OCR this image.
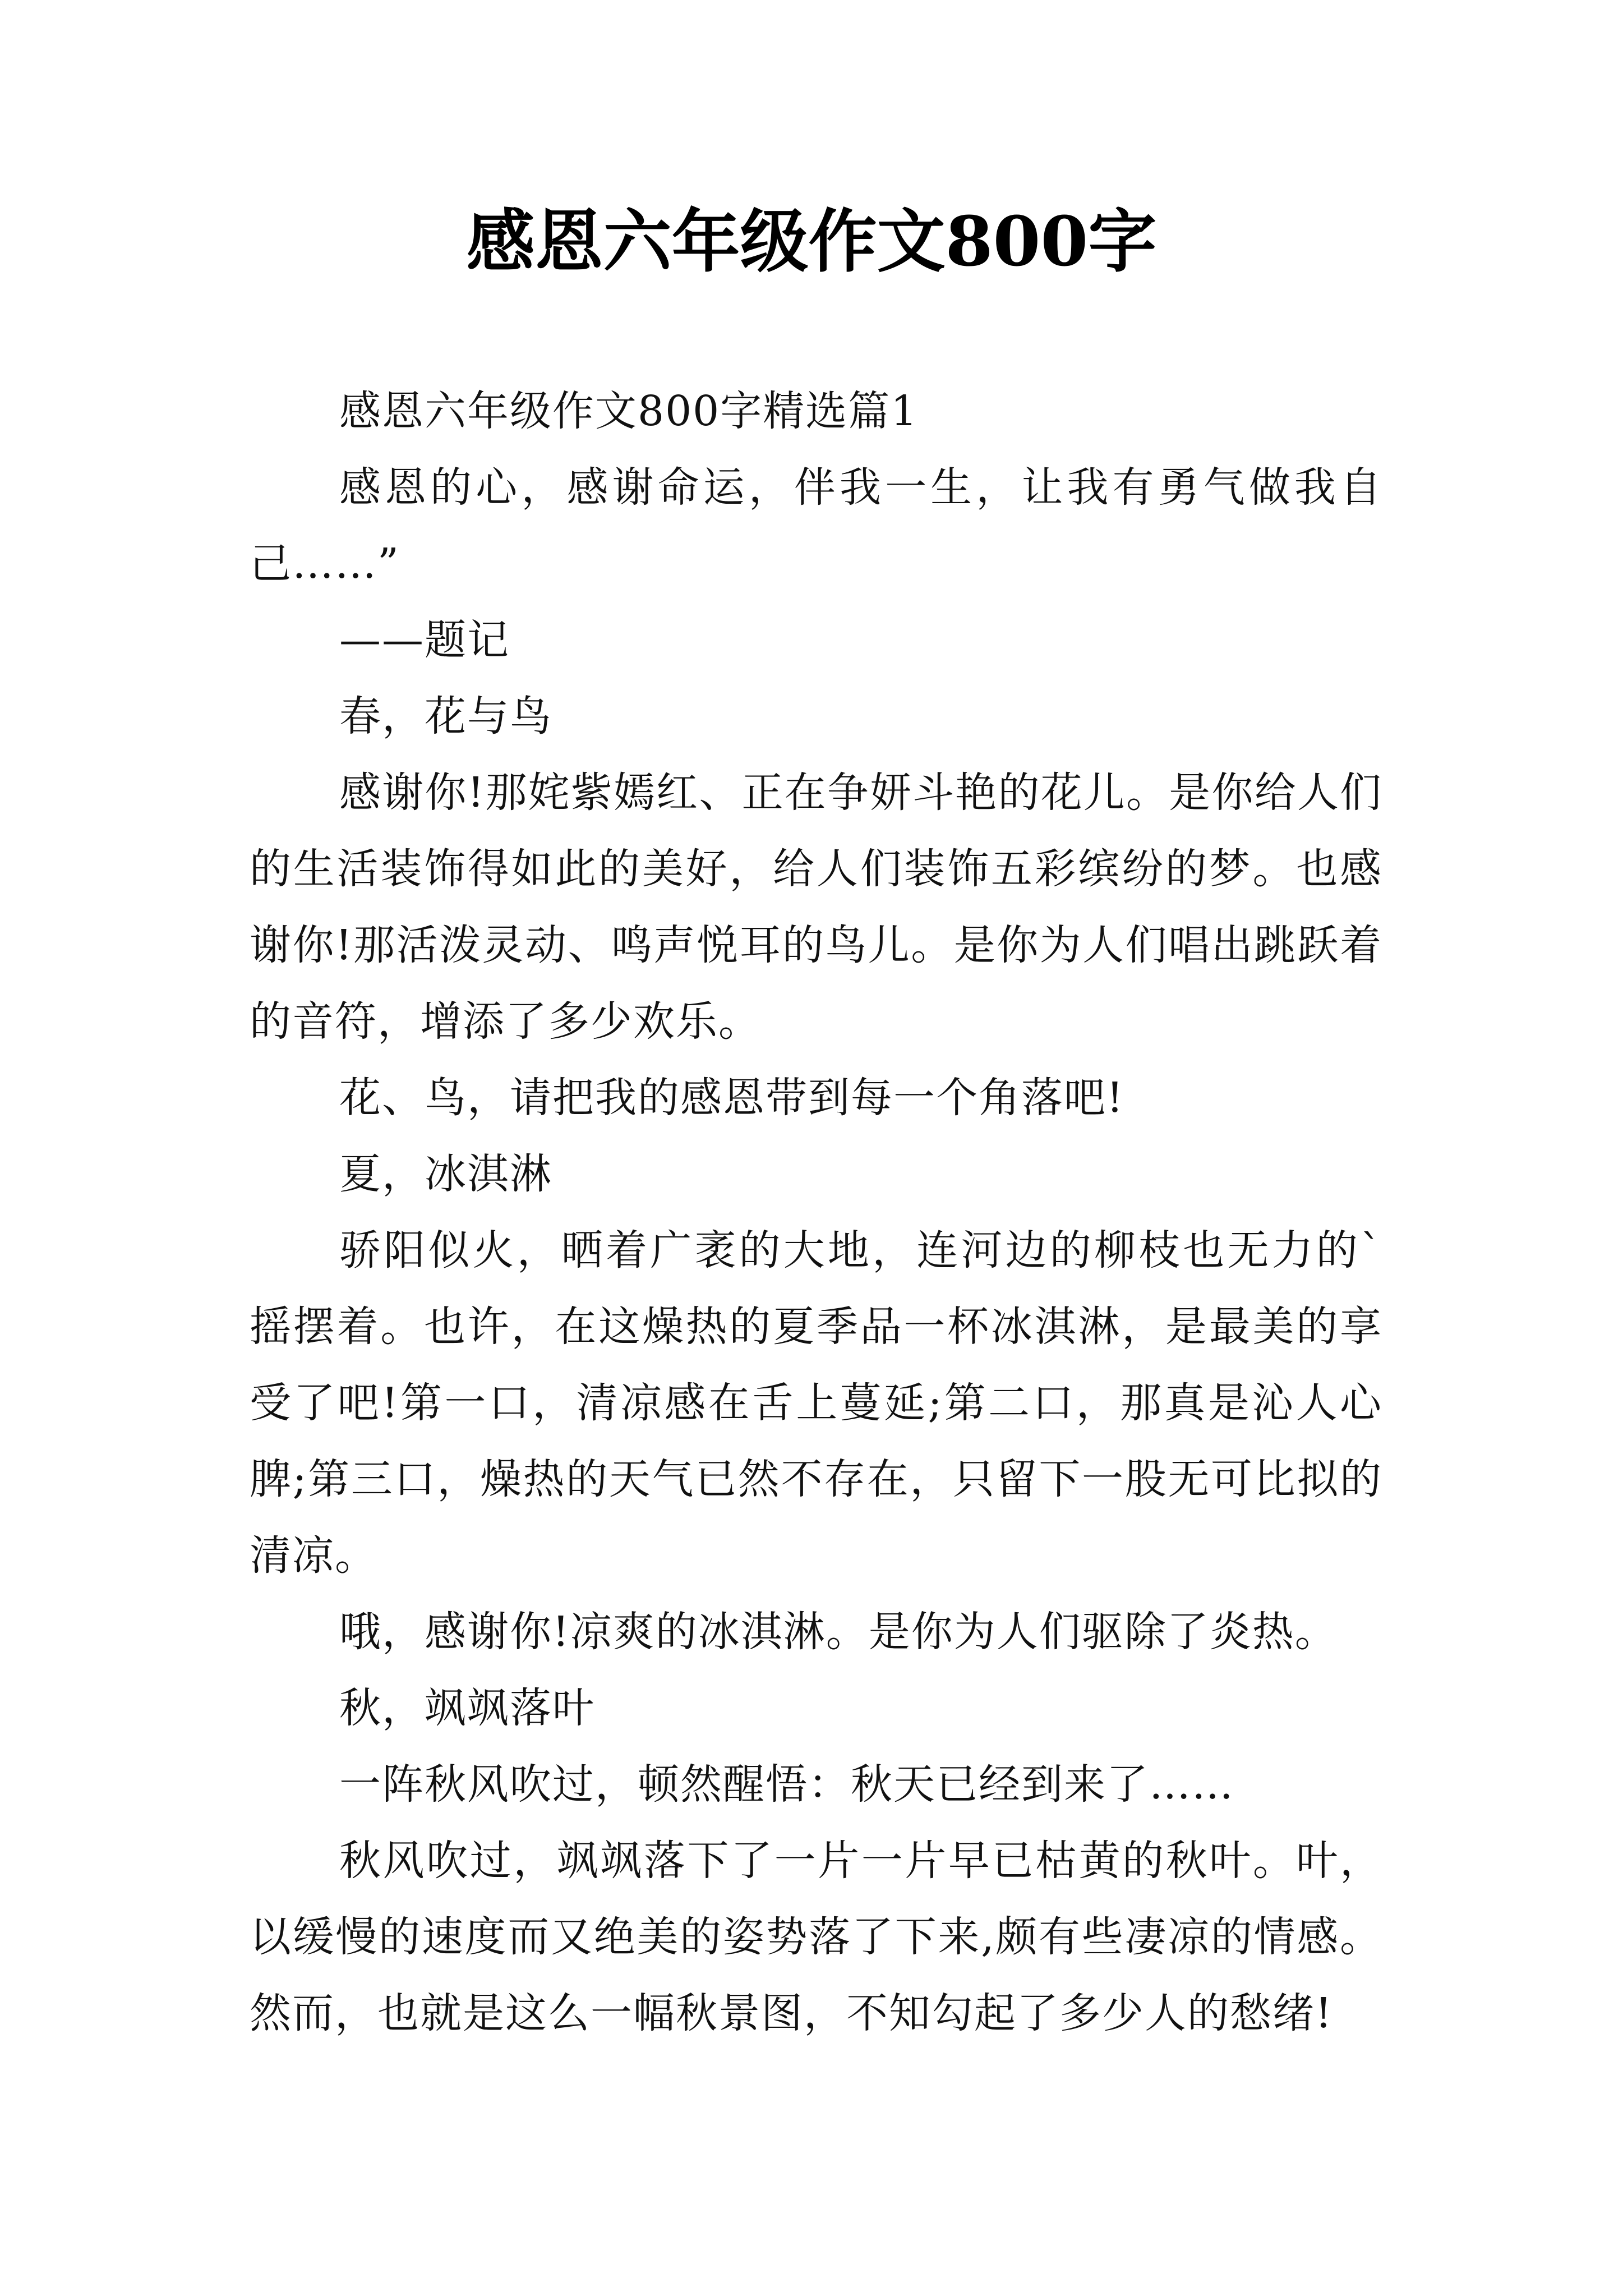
感恩六年级作文800字

感恩六年级作文800字精选篇1

感恩的心，感谢命运，伴我一生，让我有勇气做我自己……”

——题记

春，花与鸟

感谢你!那姹紫嫣红、正在争妍斗艳的花儿。是你给人们的生活装饰得如此的美好，给人们装饰五彩缤纷的梦。也感谢你!那活泼灵动、鸣声悦耳的鸟儿。是你为人们唱出跳跃着的音符，增添了多少欢乐。

花、鸟，请把我的感恩带到每一个角落吧!

夏，冰淇淋

骄阳似火，晒着广袤的大地，连河边的柳枝也无力的`摇摆着。也许，在这燥热的夏季品一杯冰淇淋，是最美的享受了吧!第一口，清凉感在舌上蔓延;第二口，那真是沁人心脾;第三口，燥热的天气已然不存在，只留下一股无可比拟的清凉。

哦，感谢你!凉爽的冰淇淋。是你为人们驱除了炎热。

秋，飒飒落叶

一阵秋风吹过，顿然醒悟：秋天已经到来了……

秋风吹过，飒飒落下了一片一片早已枯黄的秋叶。叶，以缓慢的速度而又绝美的姿势落了下来,颇有些凄凉的情感。然而，也就是这么一幅秋景图，不知勾起了多少人的愁绪!
